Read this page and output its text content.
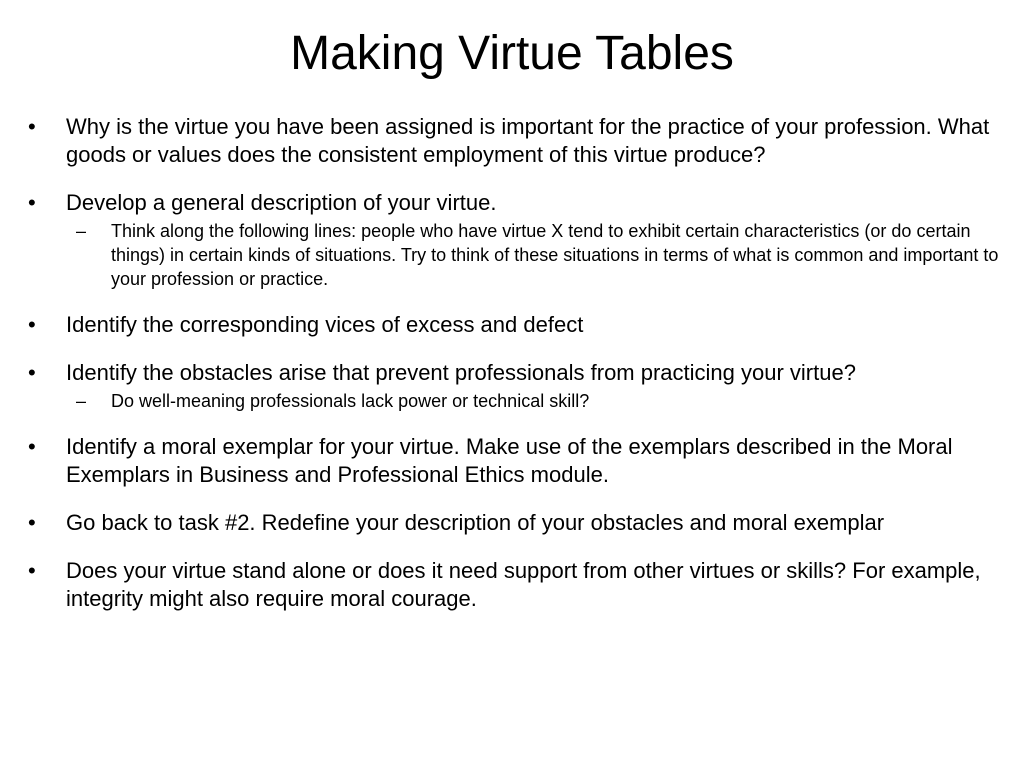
Making Virtue Tables
•	Why is the virtue you have been assigned is important for the practice of your profession. What goods or values does the consistent employment of this virtue produce?
•	Develop a general description of your virtue.
– Think along the following lines: people who have virtue X tend to exhibit certain characteristics (or do certain things) in certain kinds of situations. Try to think of these situations in terms of what is common and important to your profession or practice.
•	Identify the corresponding vices of excess and defect
•	Identify the obstacles arise that prevent professionals from practicing your virtue?
– Do well-meaning professionals lack power or technical skill?
•	Identify a moral exemplar for your virtue. Make use of the exemplars described in the Moral Exemplars in Business and Professional Ethics module.
•	Go back to task #2. Redefine your description of your obstacles and moral exemplar
•	Does your virtue stand alone or does it need support from other virtues or skills? For example, integrity might also require moral courage.
